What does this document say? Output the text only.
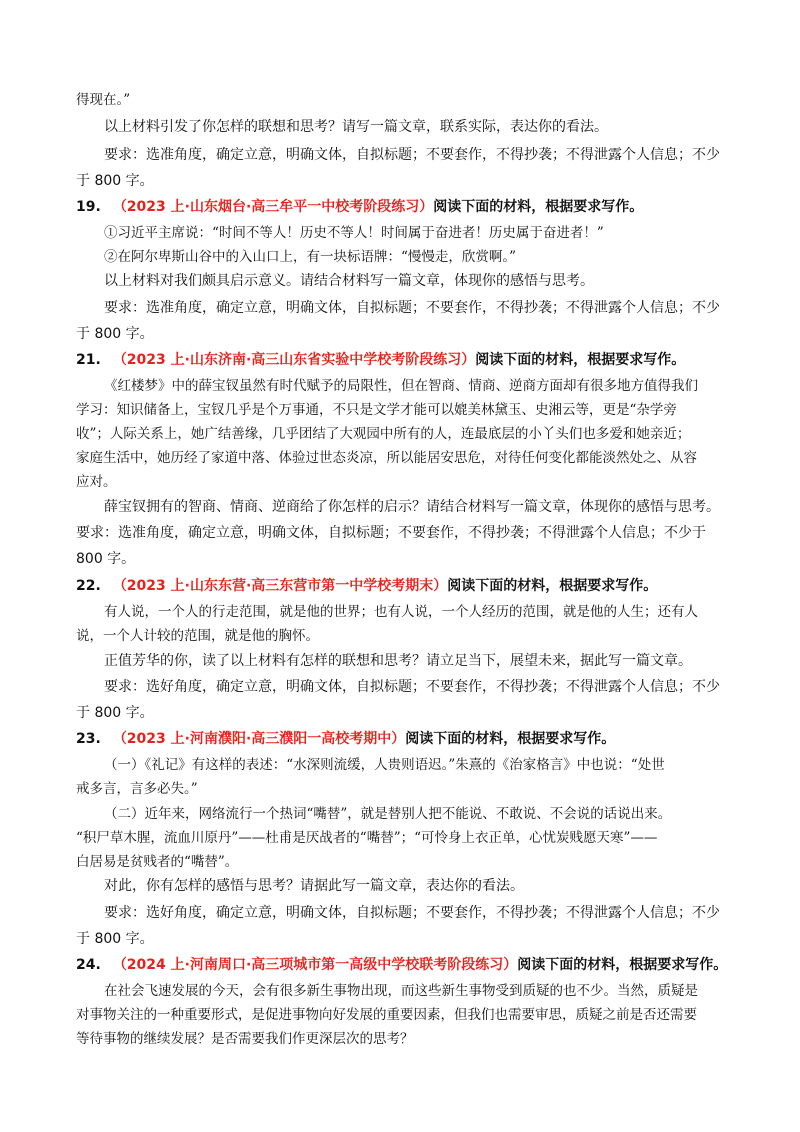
得现在。”
以上材料引发了你怎样的联想和思考？请写一篇文章，联系实际，表达你的看法。
要求：选准角度，确定立意，明确文体，自拟标题；不要套作，不得抄袭；不得泄露个人信息；不少
于 800 字。
19. （2023 上·山东烟台·高三牟平一中校考阶段练习）阅读下面的材料，根据要求写作。
①习近平主席说：“时间不等人！历史不等人！时间属于奋进者！历史属于奋进者！”
②在阿尔卑斯山谷中的入山口上，有一块标语牌：“慢慢走，欣赏啊。”
以上材料对我们颇具启示意义。请结合材料写一篇文章，体现你的感悟与思考。
要求：选准角度，确定立意，明确文体，自拟标题；不要套作，不得抄袭；不得泄露个人信息；不少
于 800 字。
21. （2023 上·山东济南·高三山东省实验中学校考阶段练习）阅读下面的材料，根据要求写作。
《红楼梦》中的薛宝钗虽然有时代赋予的局限性，但在智商、情商、逆商方面却有很多地方值得我们
学习：知识储备上，宝钗几乎是个万事通，不只是文学才能可以媲美林黛玉、史湘云等，更是“杂学旁
收”；人际关系上，她广结善缘，几乎团结了大观园中所有的人，连最底层的小丫头们也多爱和她亲近；
家庭生活中，她历经了家道中落、体验过世态炎凉，所以能居安思危，对待任何变化都能淡然处之、从容
应对。
薛宝钗拥有的智商、情商、逆商给了你怎样的启示？请结合材料写一篇文章，体现你的感悟与思考。
要求：选准角度，确定立意，明确文体，自拟标题；不要套作，不得抄袭；不得泄露个人信息；不少于
800 字。
22. （2023 上·山东东营·高三东营市第一中学校考期末）阅读下面的材料，根据要求写作。
有人说，一个人的行走范围，就是他的世界；也有人说，一个人经历的范围，就是他的人生；还有人
说，一个人计较的范围，就是他的胸怀。
正值芳华的你，读了以上材料有怎样的联想和思考？请立足当下，展望未来，据此写一篇文章。
要求：选好角度，确定立意，明确文体，自拟标题；不要套作，不得抄袭；不得泄露个人信息；不少
于 800 字。
23. （2023 上·河南濮阳·高三濮阳一高校考期中）阅读下面的材料，根据要求写作。
（一）《礼记》有这样的表述：“水深则流缓，人贵则语迟。”朱熹的《治家格言》中也说：“处世
戒多言，言多必失。”
（二）近年来，网络流行一个热词“嘴替”，就是替别人把不能说、不敢说、不会说的话说出来。
“积尸草木腥，流血川原丹”——杜甫是厌战者的“嘴替”；“可怜身上衣正单，心忧炭贱愿天寒”——
白居易是贫贱者的“嘴替”。
对此，你有怎样的感悟与思考？请据此写一篇文章，表达你的看法。
要求：选好角度，确定立意，明确文体，自拟标题；不要套作，不得抄袭；不得泄露个人信息；不少
于 800 字。
24. （2024 上·河南周口·高三项城市第一高级中学校联考阶段练习）阅读下面的材料，根据要求写作。
在社会飞速发展的今天，会有很多新生事物出现，而这些新生事物受到质疑的也不少。当然，质疑是
对事物关注的一种重要形式，是促进事物向好发展的重要因素，但我们也需要审思，质疑之前是否还需要
等待事物的继续发展？是否需要我们作更深层次的思考？
